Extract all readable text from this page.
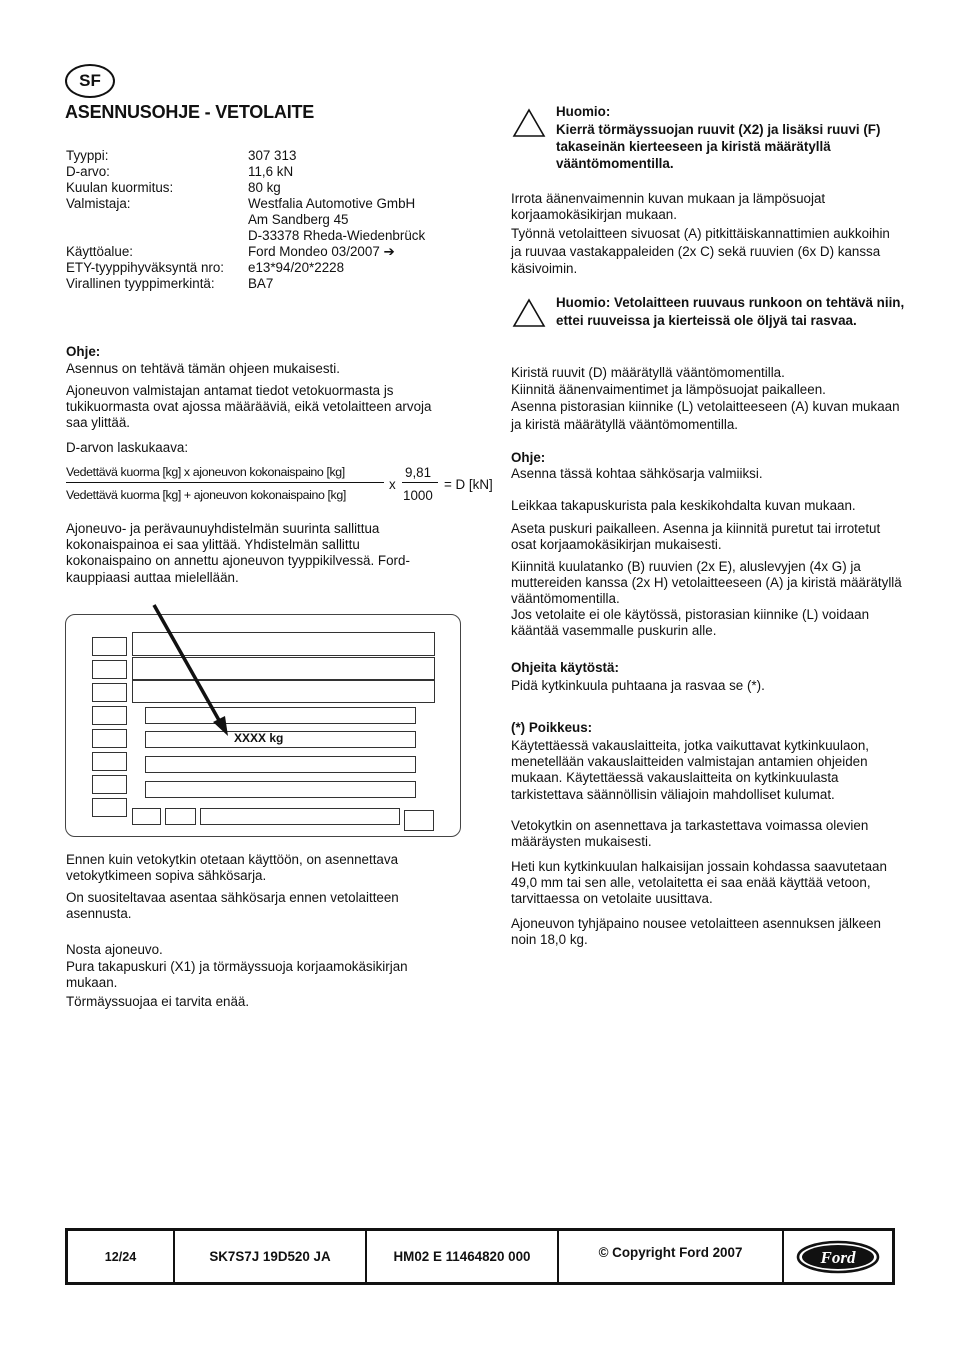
SF
ASENNUSOHJE - VETOLAITE
Tyyppi:	307 313
D-arvo:	11,6 kN
Kuulan kuormitus:	80 kg
Valmistaja:	Westfalia Automotive GmbH
Am Sandberg 45
D-33378 Rheda-Wiedenbrück
Käyttöalue:	Ford Mondeo 03/2007 ➔
ETY-tyyppihyväksyntä nro:	e13*94/20*2228
Virallinen tyyppimerkintä:	BA7
Ohje:
Asennus on tehtävä tämän ohjeen mukaisesti.
Ajoneuvon valmistajan antamat tiedot vetokuormasta js tukikuormasta ovat ajossa määrääviä, eikä vetolaitteen arvoja saa ylittää.
D-arvon laskukaava:
Vedettävä kuorma [kg] x ajoneuvon kokonaispaino [kg]
Vedettävä kuorma [kg] + ajoneuvon kokonaispaino [kg]
x
9,81
1000
= D [kN]
Ajoneuvo- ja perävaunuyhdistelmän suurinta sallittua kokonaispainoa ei saa ylittää. Yhdistelmän sallittu kokonaispaino on annettu ajoneuvon tyyppikilvessä. Ford-kauppiaasi auttaa mielellään.
XXXX kg
Ennen kuin vetokytkin otetaan käyttöön, on asennettava vetokytkimeen sopiva sähkösarja.
On suositeltavaa asentaa sähkösarja ennen vetolaitteen asennusta.
Nosta ajoneuvo.
Pura takapuskuri (X1) ja törmäyssuoja korjaamokäsikirjan mukaan.
Törmäyssuojaa ei tarvita enää.
Huomio:
Kierrä törmäyssuojan ruuvit (X2) ja lisäksi ruuvi (F) takaseinän kierteeseen ja kiristä määrätyllä vääntömomentilla.
Irrota äänenvaimennin kuvan mukaan ja lämpösuojat korjaamokäsikirjan mukaan.
Työnnä vetolaitteen sivuosat (A) pitkittäiskannattimien aukkoihin ja ruuvaa vastakappaleiden (2x C) sekä ruuvien (6x D) kanssa käsivoimin.
Huomio: Vetolaitteen ruuvaus runkoon on tehtävä niin, ettei ruuveissa ja kierteissä ole öljyä tai rasvaa.
Kiristä ruuvit (D) määrätyllä vääntömomentilla.
Kiinnitä äänenvaimentimet ja lämpösuojat paikalleen.
Asenna pistorasian kiinnike (L) vetolaitteeseen (A) kuvan mukaan ja kiristä määrätyllä vääntömomentilla.
Ohje:
Asenna tässä kohtaa sähkösarja valmiiksi.
Leikkaa takapuskurista pala keskikohdalta kuvan mukaan.
Aseta puskuri paikalleen. Asenna ja kiinnitä puretut tai irrotetut osat korjaamokäsikirjan mukaisesti.
Kiinnitä kuulatanko (B) ruuvien (2x E), aluslevyjen (4x G) ja muttereiden kanssa (2x H) vetolaitteeseen (A) ja kiristä määrätyllä vääntömomentilla.
Jos vetolaite ei ole käytössä, pistorasian kiinnike (L) voidaan kääntää vasemmalle puskurin alle.
Ohjeita käytöstä:
Pidä kytkinkuula puhtaana ja rasvaa se (*).
(*) Poikkeus:
Käytettäessä vakauslaitteita, jotka vaikuttavat kytkinkuulaon, menetellään vakauslaitteiden valmistajan antamien ohjeiden mukaan. Käytettäessä vakauslaitteita on kytkinkuulasta tarkistettava säännöllisin väliajoin mahdolliset kulumat.
Vetokytkin on asennettava ja tarkastettava voimassa olevien määräysten mukaisesti.
Heti kun kytkinkuulan halkaisijan jossain kohdassa saavutetaan 49,0 mm tai sen alle, vetolaitetta ei saa enää käyttää vetoon, tarvittaessa on vetolaite uusittava.
Ajoneuvon tyhjäpaino nousee vetolaitteen asennuksen jälkeen noin 18,0 kg.
12/24	SK7S7J 19D520 JA	HM02 E 11464820 000	© Copyright Ford 2007	Ford
